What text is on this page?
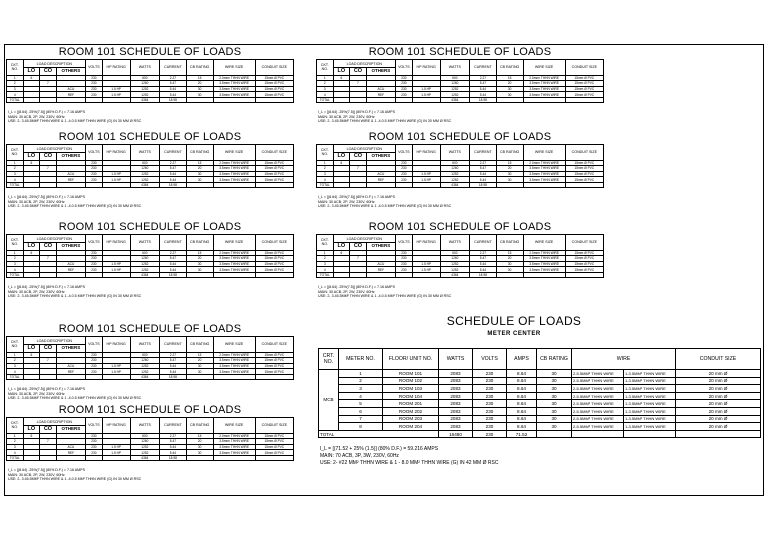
ROOM 101 SCHEDULE OF LOADS
CKT. NO.	LOAD DESCRIPTION			VOLTS	HP RATING	WATTS	CURRENT	CB RATING	WIRE SIZE	CONDUIT SIZE
	LO	CO	OTHERS							
1	6			230		600	2.27	15	2.0mm² THHN WIRE	15mm Ø PVC
2		7		230		1260	5.47	20	3.5mm² THHN WIRE	15mm Ø PVC
3			ACU	230	1.5 HP	1252	5.44	30	3.5mm² THHN WIRE	15mm Ø PVC
4			REF	230	1.5 HP	1252	5.44	30	3.5mm² THHN WIRE	15mm Ø PVC
TOTAL						4364	18.98			
I_L = [(8.64) .25%(7.5)] (80% D.F.) = 7.16 AMPS
MAIN: 30 ACB, 2P, 2W, 230V, 60Hz
USE: 2- 3.45.5MM² THHN WIRE & 1 -4.0.5 MM² THHN WIRE (G) IN 30 MM Ø RSC
ROOM 101 SCHEDULE OF LOADS
CKT. NO.	LOAD DESCRIPTION			VOLTS	HP RATING	WATTS	CURRENT	CB RATING	WIRE SIZE	CONDUIT SIZE
	LO	CO	OTHERS							
1	6			230		600	2.27	15	2.0mm² THHN WIRE	15mm Ø PVC
2		7		230		1260	5.47	20	3.5mm² THHN WIRE	15mm Ø PVC
3			ACU	230	1.5 HP	1252	5.44	30	3.5mm² THHN WIRE	15mm Ø PVC
4			REF	230	1.5 HP	1252	5.44	30	3.5mm² THHN WIRE	15mm Ø PVC
TOTAL						4364	18.98			
I_L = [(8.64) .25%(7.5)] (80% D.F.) = 7.16 AMPS
MAIN: 30 ACB, 2P, 2W, 230V, 60Hz
USE: 2- 3.45.5MM² THHN WIRE & 1 -4.0.5 MM² THHN WIRE (G) IN 30 MM Ø RSC
ROOM 101 SCHEDULE OF LOADS
CKT. NO.	LOAD DESCRIPTION			VOLTS	HP RATING	WATTS	CURRENT	CB RATING	WIRE SIZE	CONDUIT SIZE
	LO	CO	OTHERS							
1	6			230		600	2.27	15	2.0mm² THHN WIRE	15mm Ø PVC
2		7		230		1260	5.47	20	3.5mm² THHN WIRE	15mm Ø PVC
3			ACU	230	1.5 HP	1252	5.44	30	3.5mm² THHN WIRE	15mm Ø PVC
4			REF	230	1.5 HP	1252	5.44	30	3.5mm² THHN WIRE	15mm Ø PVC
TOTAL						4364	18.98			
I_L = [(8.64) .25%(7.5)] (80% D.F.) = 7.16 AMPS
MAIN: 30 ACB, 2P, 2W, 230V, 60Hz
USE: 2- 3.45.5MM² THHN WIRE & 1 -4.0.5 MM² THHN WIRE (G) IN 30 MM Ø RSC
ROOM 101 SCHEDULE OF LOADS
CKT. NO.	LOAD DESCRIPTION			VOLTS	HP RATING	WATTS	CURRENT	CB RATING	WIRE SIZE	CONDUIT SIZE
	LO	CO	OTHERS							
1	6			230		600	2.27	15	2.0mm² THHN WIRE	15mm Ø PVC
2		7		230		1260	5.47	20	3.5mm² THHN WIRE	15mm Ø PVC
3			ACU	230	1.5 HP	1252	5.44	30	3.5mm² THHN WIRE	15mm Ø PVC
4			REF	230	1.5 HP	1252	5.44	30	3.5mm² THHN WIRE	15mm Ø PVC
TOTAL						4364	18.98			
I_L = [(8.64) .25%(7.5)] (80% D.F.) = 7.16 AMPS
MAIN: 30 ACB, 2P, 2W, 230V, 60Hz
USE: 2- 3.45.5MM² THHN WIRE & 1 -4.0.5 MM² THHN WIRE (G) IN 30 MM Ø RSC
ROOM 101 SCHEDULE OF LOADS
CKT. NO.	LOAD DESCRIPTION			VOLTS	HP RATING	WATTS	CURRENT	CB RATING	WIRE SIZE	CONDUIT SIZE
	LO	CO	OTHERS							
1	6			230		600	2.27	15	2.0mm² THHN WIRE	15mm Ø PVC
2		7		230		1260	5.47	20	3.5mm² THHN WIRE	15mm Ø PVC
3			ACU	230	1.5 HP	1252	5.44	30	3.5mm² THHN WIRE	15mm Ø PVC
4			REF	230	1.5 HP	1252	5.44	30	3.5mm² THHN WIRE	15mm Ø PVC
TOTAL						4364	18.98			
I_L = [(8.64) .25%(7.5)] (80% D.F.) = 7.16 AMPS
MAIN: 30 ACB, 2P, 2W, 230V, 60Hz
USE: 2- 3.45.5MM² THHN WIRE & 1 -4.0.5 MM² THHN WIRE (G) IN 30 MM Ø RSC
ROOM 101 SCHEDULE OF LOADS
CKT. NO.	LOAD DESCRIPTION			VOLTS	HP RATING	WATTS	CURRENT	CB RATING	WIRE SIZE	CONDUIT SIZE
	LO	CO	OTHERS							
1	6			230		600	2.27	15	2.0mm² THHN WIRE	15mm Ø PVC
2		7		230		1260	5.47	20	3.5mm² THHN WIRE	15mm Ø PVC
3			ACU	230	1.5 HP	1252	5.44	30	3.5mm² THHN WIRE	15mm Ø PVC
4			REF	230	1.5 HP	1252	5.44	30	3.5mm² THHN WIRE	15mm Ø PVC
TOTAL						4364	18.98			
I_L = [(8.64) .25%(7.5)] (80% D.F.) = 7.16 AMPS
MAIN: 30 ACB, 2P, 2W, 230V, 60Hz
USE: 2- 3.45.5MM² THHN WIRE & 1 -4.0.5 MM² THHN WIRE (G) IN 30 MM Ø RSC
ROOM 101 SCHEDULE OF LOADS
CKT. NO.	LOAD DESCRIPTION			VOLTS	HP RATING	WATTS	CURRENT	CB RATING	WIRE SIZE	CONDUIT SIZE
	LO	CO	OTHERS							
1	6			230		600	2.27	15	2.0mm² THHN WIRE	15mm Ø PVC
2		7		230		1260	5.47	20	3.5mm² THHN WIRE	15mm Ø PVC
3			ACU	230	1.5 HP	1252	5.44	30	3.5mm² THHN WIRE	15mm Ø PVC
4			REF	230	1.5 HP	1252	5.44	30	3.5mm² THHN WIRE	15mm Ø PVC
TOTAL						4364	18.98			
I_L = [(8.64) .25%(7.5)] (80% D.F.) = 7.16 AMPS
MAIN: 30 ACB, 2P, 2W, 230V, 60Hz
USE: 2- 3.45.5MM² THHN WIRE & 1 -4.0.5 MM² THHN WIRE (G) IN 30 MM Ø RSC
ROOM 101 SCHEDULE OF LOADS
CKT. NO.	LOAD DESCRIPTION			VOLTS	HP RATING	WATTS	CURRENT	CB RATING	WIRE SIZE	CONDUIT SIZE
	LO	CO	OTHERS							
1	6			230		600	2.27	15	2.0mm² THHN WIRE	15mm Ø PVC
2		7		230		1260	5.47	20	3.5mm² THHN WIRE	15mm Ø PVC
3			ACU	230	1.5 HP	1252	5.44	30	3.5mm² THHN WIRE	15mm Ø PVC
4			REF	230	1.5 HP	1252	5.44	30	3.5mm² THHN WIRE	15mm Ø PVC
TOTAL						4364	18.98			
I_L = [(8.64) .25%(7.5)] (80% D.F.) = 7.16 AMPS
MAIN: 30 ACB, 2P, 2W, 230V, 60Hz
USE: 2- 3.45.5MM² THHN WIRE & 1 -4.0.5 MM² THHN WIRE (G) IN 30 MM Ø RSC
SCHEDULE OF LOADS
METER CENTER
CRT. NO.	METER NO.	FLOOR/ UNIT NO.	WATTS	VOLTS	AMPS	CB RATING	WIRE		CONDUIT SIZE
MCB	1	ROOM 101	2083	230	8.64	30	2-5.5MM² THHN WIRE	1-3.5MM² THHN WIRE	20 mm Ø
	2	ROOM 102	2083	230	8.64	30	2-5.5MM² THHN WIRE	1-3.5MM² THHN WIRE	20 mm Ø
	3	ROOM 103	2083	230	8.64	30	2-5.5MM² THHN WIRE	1-3.5MM² THHN WIRE	20 mm Ø
	4	ROOM 104	2083	230	8.64	30	2-5.5MM² THHN WIRE	1-3.5MM² THHN WIRE	20 mm Ø
	5	ROOM 201	2083	230	8.64	30	2-5.5MM² THHN WIRE	1-3.5MM² THHN WIRE	20 mm Ø
	6	ROOM 202	2083	230	8.64	30	2-5.5MM² THHN WIRE	1-3.5MM² THHN WIRE	20 mm Ø
	7	ROOM 203	2083	230	8.64	30	2-5.5MM² THHN WIRE	1-3.5MM² THHN WIRE	20 mm Ø
	8	ROOM 204	2083	230	8.64	30	2-5.5MM² THHN WIRE	1-3.5MM² THHN WIRE	20 mm Ø
TOTAL			16480	230	71.52				
I_L = [(71.52 + 25% (1.5)] (80% D.F.) = 59.216 AMPS
MAIN: 70 ACB, 3P, 3W, 230V, 60Hz
USE: 2- #22 MM² THHN WIRE & 1 - 8.0 MM² THHN WIRE (G) IN 42 MM Ø RSC
